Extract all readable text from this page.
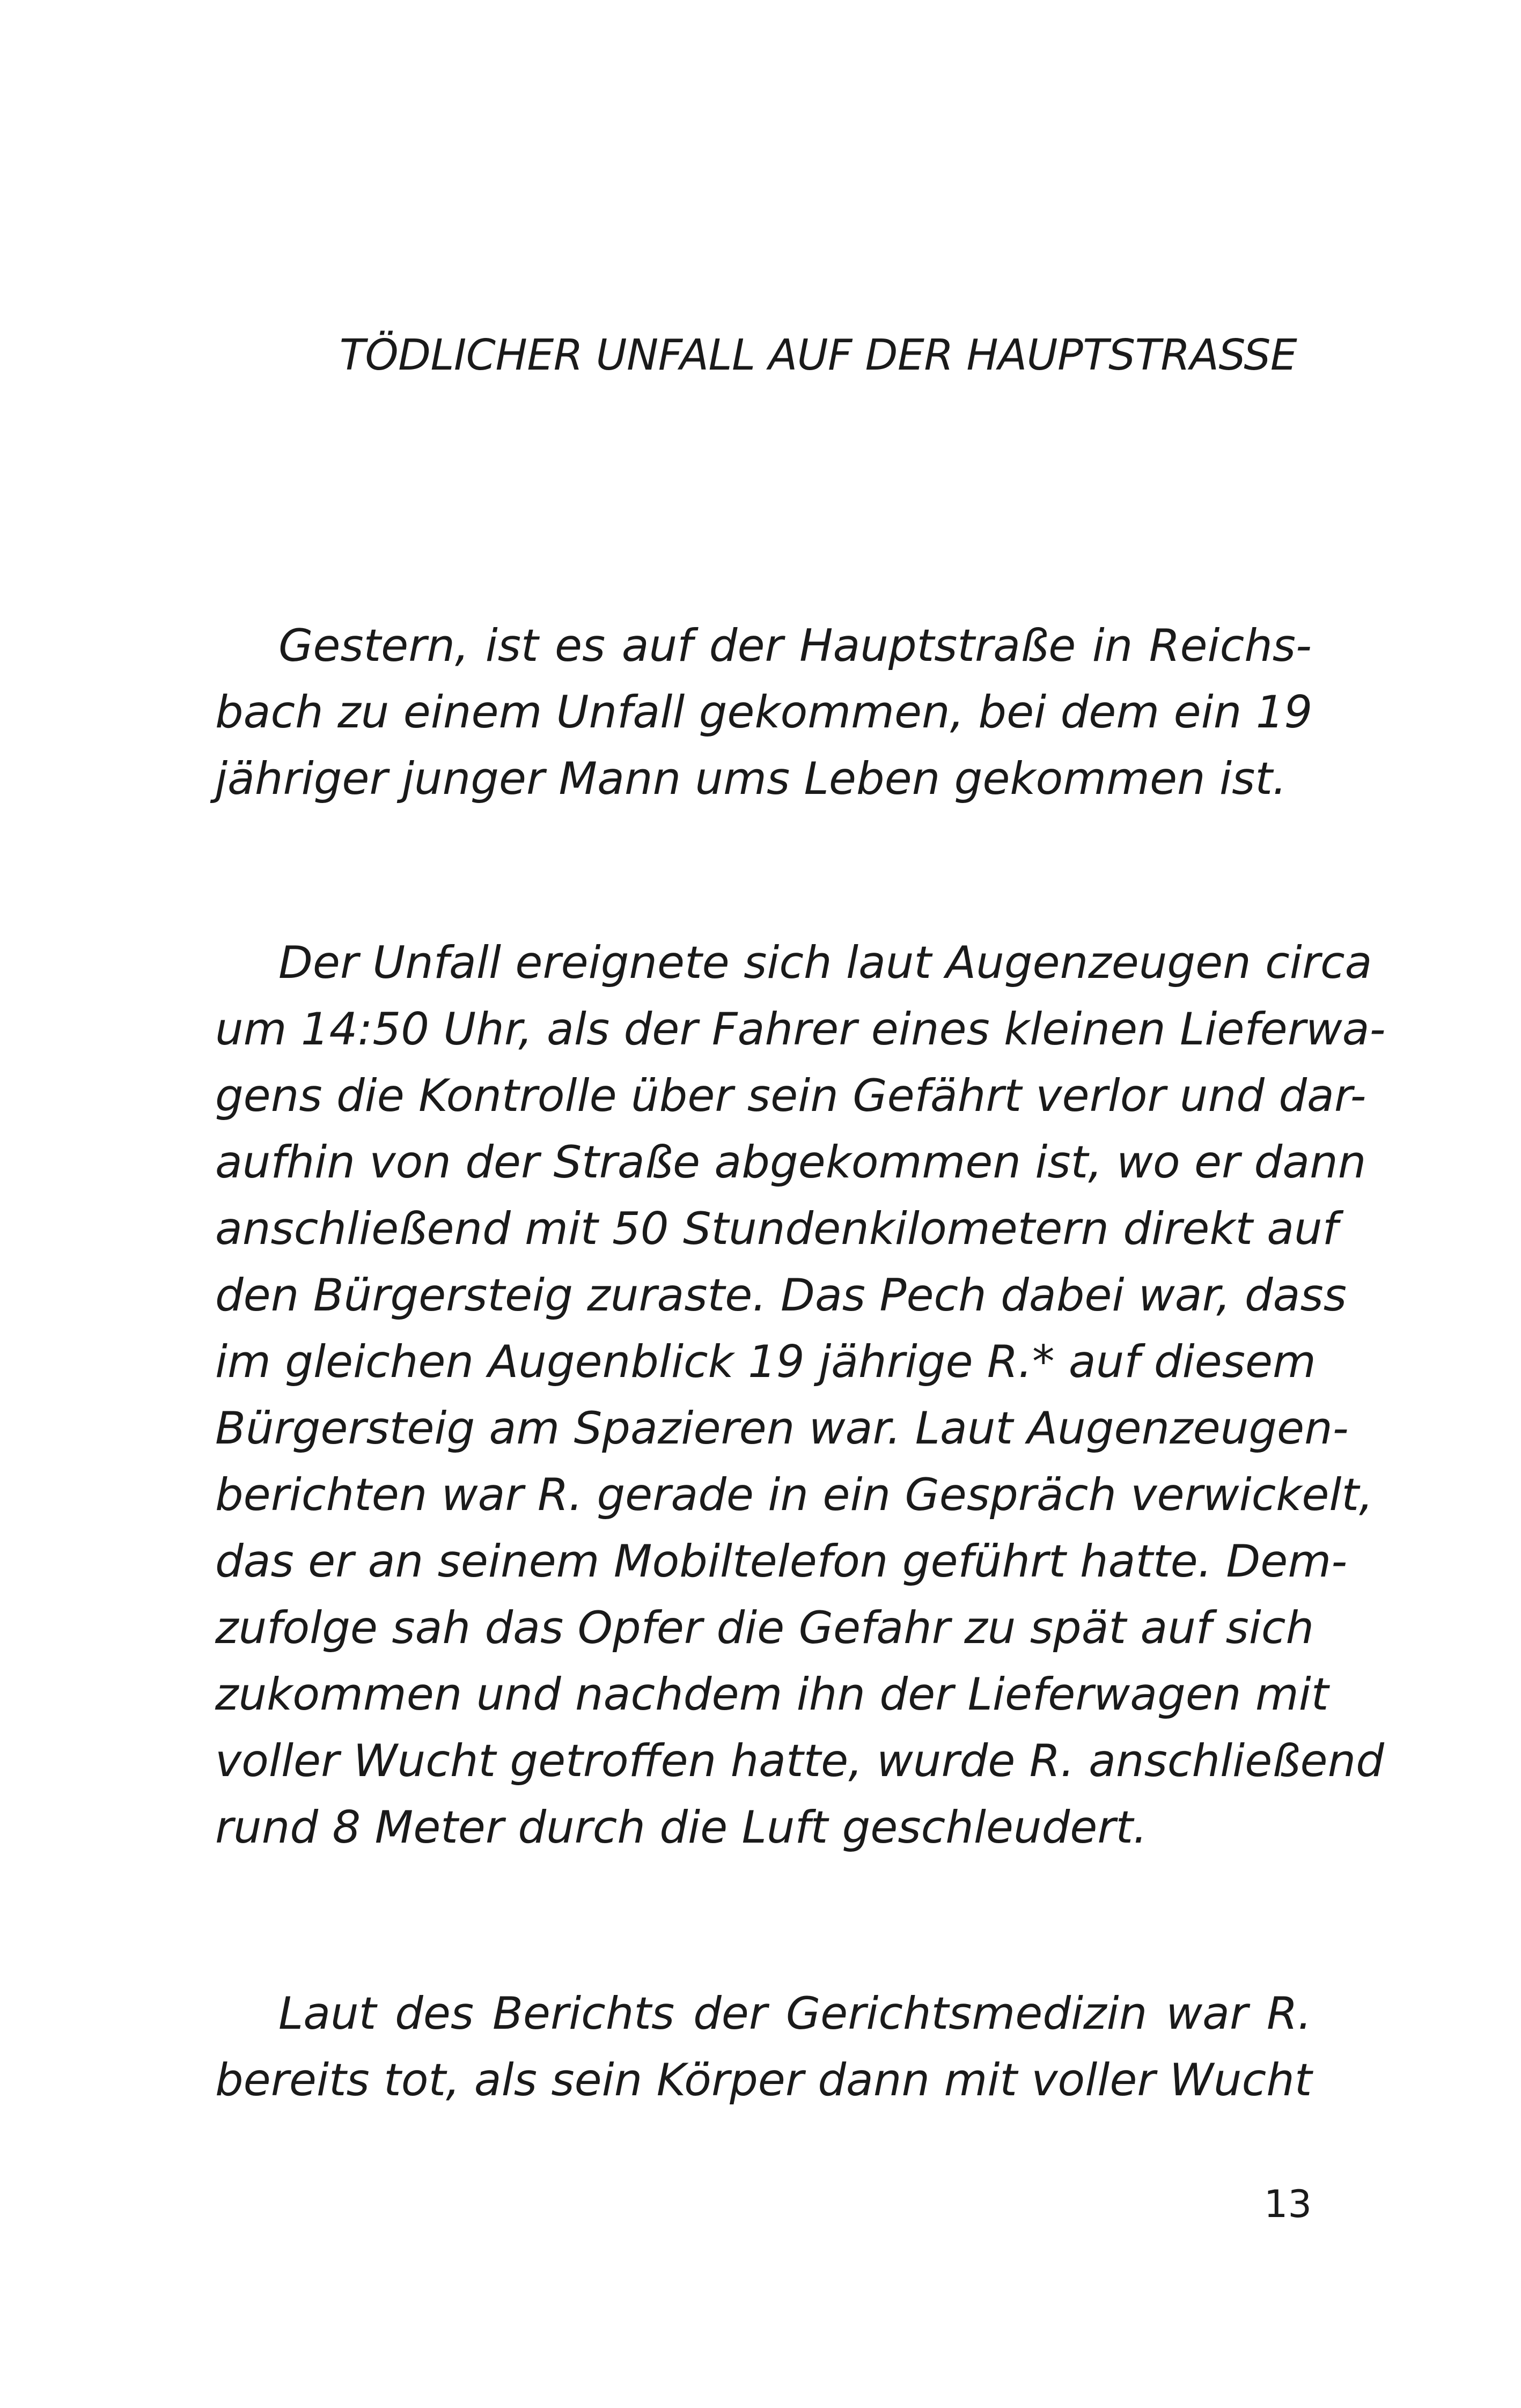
TÖDLICHER UNFALL AUF DER HAUPTSTRASSE

Gestern, ist es auf der Hauptstraße in Reichs-
bach zu einem Unfall gekommen, bei dem ein 19
jähriger junger Mann ums Leben gekommen ist.

Der Unfall ereignete sich laut Augenzeugen circa
um 14:50 Uhr, als der Fahrer eines kleinen Lieferwa-
gens die Kontrolle über sein Gefährt verlor und dar-
aufhin von der Straße abgekommen ist, wo er dann
anschließend mit 50 Stundenkilometern direkt auf
den Bürgersteig zuraste. Das Pech dabei war, dass
im gleichen Augenblick 19 jährige R.* auf diesem
Bürgersteig am Spazieren war. Laut Augenzeugen-
berichten war R. gerade in ein Gespräch verwickelt,
das er an seinem Mobiltelefon geführt hatte. Dem-
zufolge sah das Opfer die Gefahr zu spät auf sich
zukommen und nachdem ihn der Lieferwagen mit
voller Wucht getroffen hatte, wurde R. anschließend
rund 8 Meter durch die Luft geschleudert.

Laut des Berichts der Gerichtsmedizin war R.
bereits tot, als sein Körper dann mit voller Wucht

13
